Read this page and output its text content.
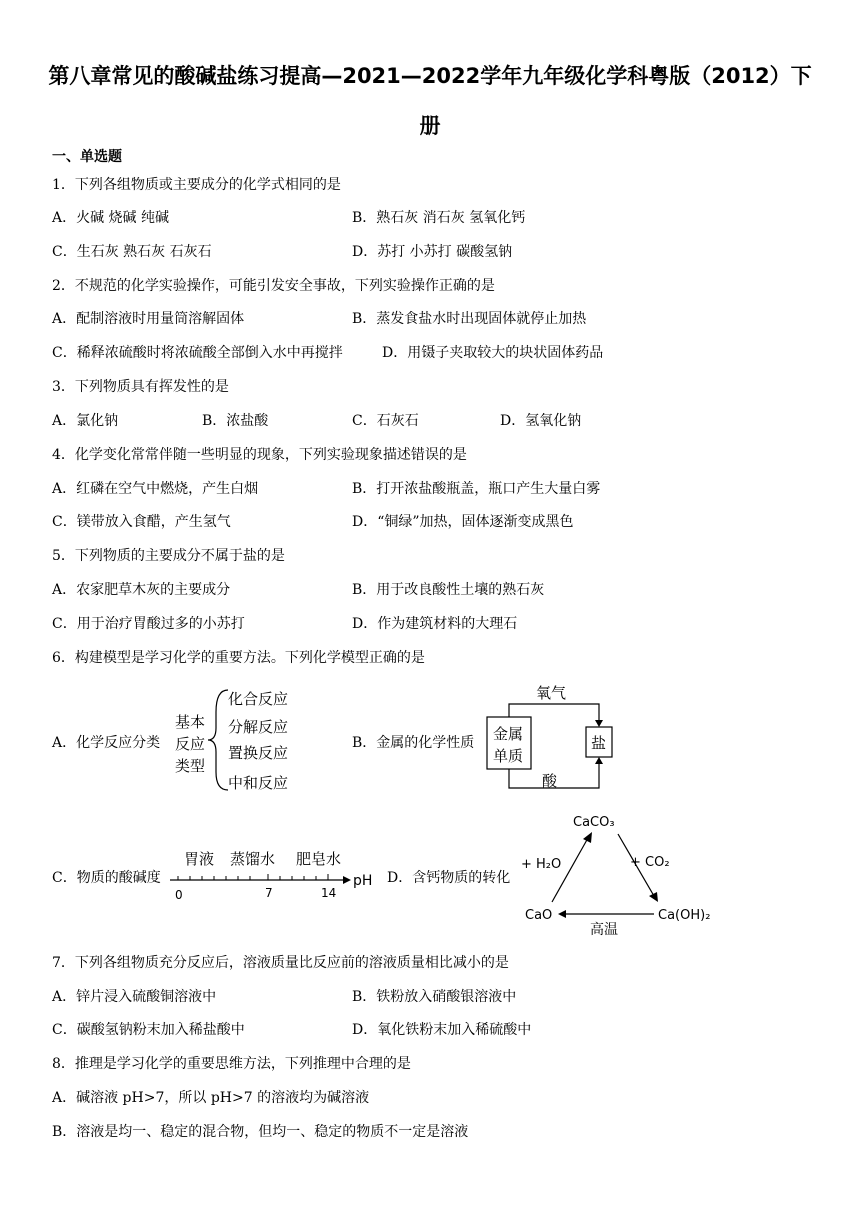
第八章常见的酸碱盐练习提高—2021—2022学年九年级化学科粤版（2012）下
册
一、单选题
1．下列各组物质或主要成分的化学式相同的是
A．火碱 烧碱 纯碱	B．熟石灰 消石灰 氢氧化钙
C．生石灰 熟石灰 石灰石	D．苏打 小苏打 碳酸氢钠
2．不规范的化学实验操作，可能引发安全事故，下列实验操作正确的是
A．配制溶液时用量筒溶解固体	B．蒸发食盐水时出现固体就停止加热
C．稀释浓硫酸时将浓硫酸全部倒入水中再搅拌	D．用镊子夹取较大的块状固体药品
3．下列物质具有挥发性的是
A．氯化钠	B．浓盐酸	C．石灰石	D．氢氧化钠
4．化学变化常常伴随一些明显的现象，下列实验现象描述错误的是
A．红磷在空气中燃烧，产生白烟	B．打开浓盐酸瓶盖，瓶口产生大量白雾
C．镁带放入食醋，产生氢气	D．“铜绿”加热，固体逐渐变成黑色
5．下列物质的主要成分不属于盐的是
A．农家肥草木灰的主要成分	B．用于改良酸性土壤的熟石灰
C．用于治疗胃酸过多的小苏打	D．作为建筑材料的大理石
6．构建模型是学习化学的重要方法。下列化学模型正确的是
A．化学反应分类	B．金属的化学性质
C．物质的酸碱度	D．含钙物质的转化
基本
反应
类型
化合反应
分解反应
置换反应
中和反应
氧气
金属
单质
盐
酸
胃液 蒸馏水 肥皂水
0	7	14
pH
CaCO₃
+ H₂O	+ CO₂
CaO	Ca(OH)₂
高温
7．下列各组物质充分反应后，溶液质量比反应前的溶液质量相比减小的是
A．锌片浸入硫酸铜溶液中	B．铁粉放入硝酸银溶液中
C．碳酸氢钠粉末加入稀盐酸中	D．氧化铁粉末加入稀硫酸中
8．推理是学习化学的重要思维方法，下列推理中合理的是
A．碱溶液 pH>7，所以 pH>7 的溶液均为碱溶液
B．溶液是均一、稳定的混合物，但均一、稳定的物质不一定是溶液
